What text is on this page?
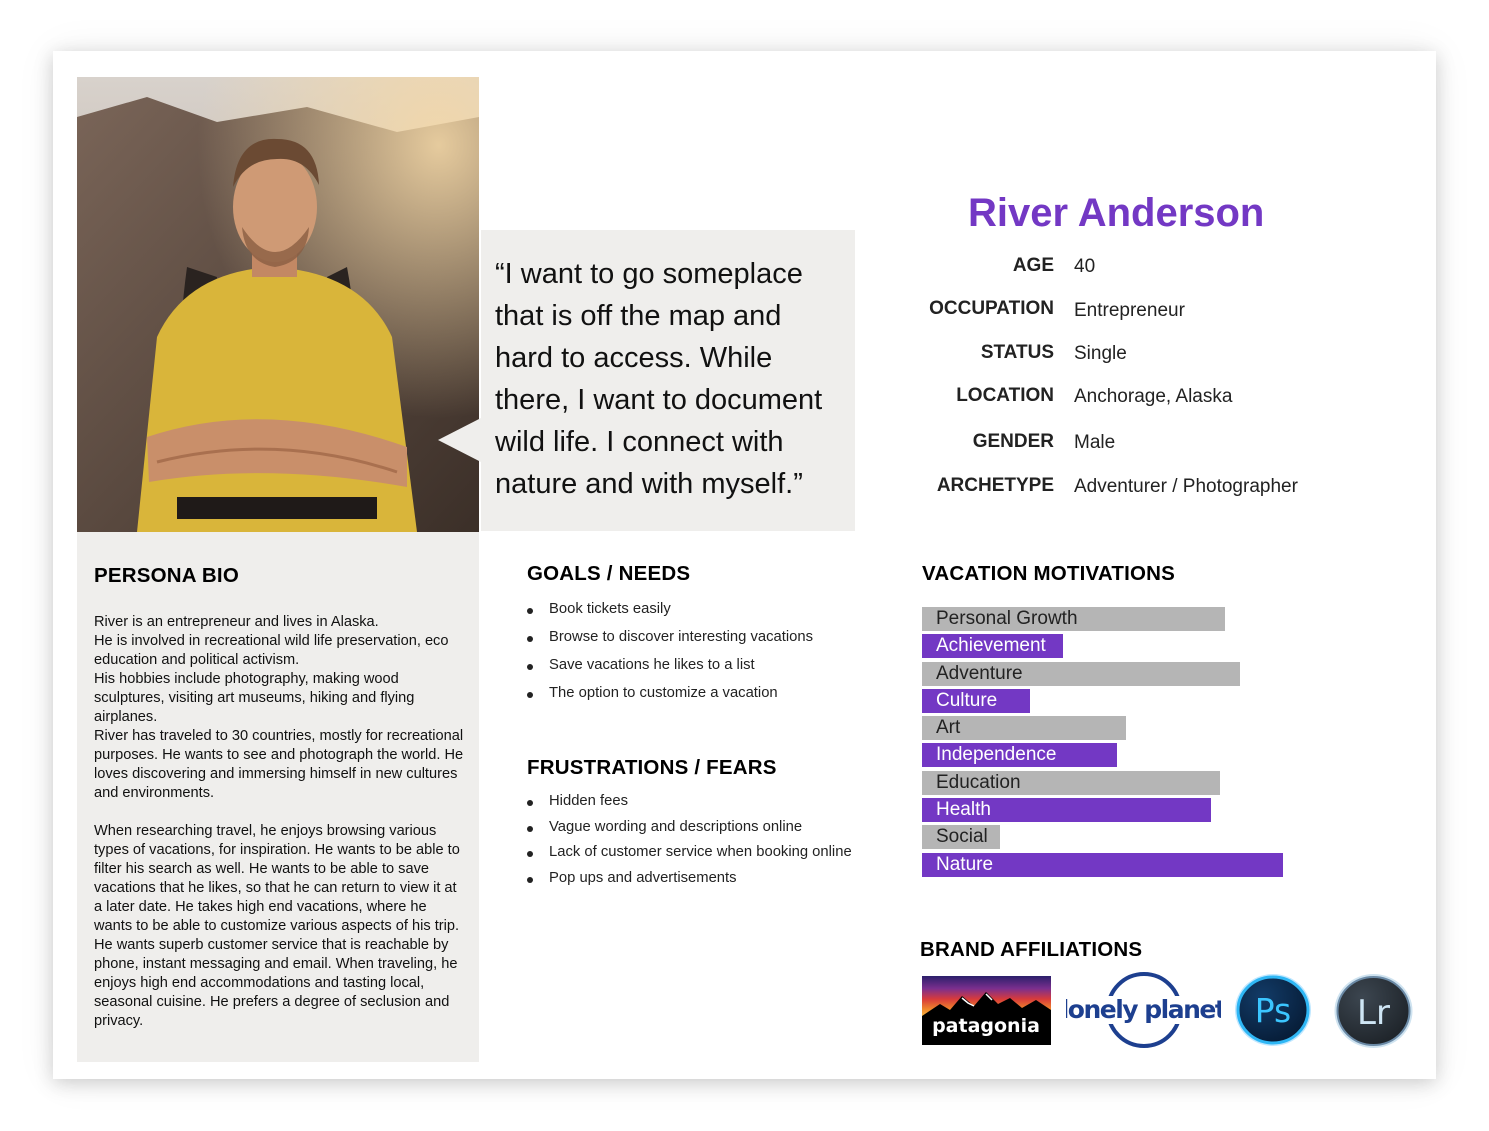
“I want to go someplace that is off the map and hard to access. While there, I want to document wild life. I connect with nature and with myself.”

River Anderson
AGE 40
OCCUPATION Entrepreneur
STATUS Single
LOCATION Anchorage, Alaska
GENDER Male
ARCHETYPE Adventurer / Photographer
PERSONA BIO

River is an entrepreneur and lives in Alaska.
He is involved in recreational wild life preservation, eco education and political activism.
His hobbies include photography, making wood sculptures, visiting art museums, hiking and flying airplanes.
River has traveled to 30 countries, mostly for recreational purposes. He wants to see and photograph the world. He loves discovering and immersing himself in new cultures and environments.

When researching travel, he enjoys browsing various types of vacations, for inspiration. He wants to be able to filter his search as well. He wants to be able to save vacations that he likes, so that he can return to view it at a later date. He takes high end vacations, where he wants to be able to customize various aspects of his trip. He wants superb customer service that is reachable by phone, instant messaging and email. When traveling, he enjoys high end accommodations and tasting local, seasonal cuisine. He prefers a degree of seclusion and privacy.

GOALS / NEEDS
Book tickets easily
Browse to discover interesting vacations
Save vacations he likes to a list
The option to customize a vacation
FRUSTRATIONS / FEARS
Hidden fees
Vague wording and descriptions online
Lack of customer service when booking online
Pop ups and advertisements
VACATION MOTIVATIONS
Personal Growth
Achievement
Adventure
Culture
Art
Independence
Education
Health
Social
Nature
BRAND AFFILIATIONS
patagonia
lonely planet Ps Lr
